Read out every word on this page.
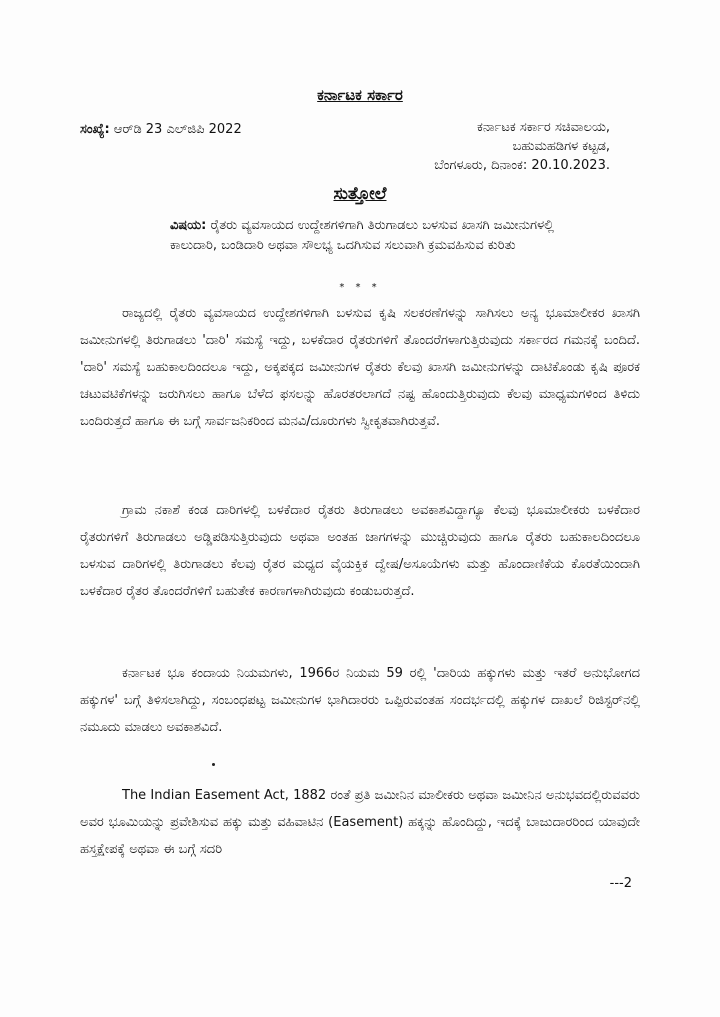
ಕರ್ನಾಟಕ ಸರ್ಕಾರ
ಸಂಖ್ಯೆ: ಆರ್‌ಡಿ 23 ಎಲ್‌ಜಿಪಿ 2022	ಕರ್ನಾಟಕ ಸರ್ಕಾರ ಸಚಿವಾಲಯ,
ಬಹುಮಹಡಿಗಳ ಕಟ್ಟಡ,
ಬೆಂಗಳೂರು, ದಿನಾಂಕ: 20.10.2023.
ಸುತ್ತೋಲೆ
ವಿಷಯ: ರೈತರು ವ್ಯವಸಾಯದ ಉದ್ದೇಶಗಳಿಗಾಗಿ ತಿರುಗಾಡಲು ಬಳಸುವ ಖಾಸಗಿ ಜಮೀನುಗಳಲ್ಲಿ ಕಾಲುದಾರಿ, ಬಂಡಿದಾರಿ ಅಥವಾ ಸೌಲಭ್ಯ ಒದಗಿಸುವ ಸಲುವಾಗಿ ಕ್ರಮವಹಿಸುವ ಕುರಿತು
* * *

ರಾಜ್ಯದಲ್ಲಿ ರೈತರು ವ್ಯವಸಾಯದ ಉದ್ದೇಶಗಳಿಗಾಗಿ ಬಳಸುವ ಕೃಷಿ ಸಲಕರಣೆಗಳನ್ನು ಸಾಗಿಸಲು ಅನ್ಯ ಭೂಮಾಲೀಕರ ಖಾಸಗಿ ಜಮೀನುಗಳಲ್ಲಿ ತಿರುಗಾಡಲು 'ದಾರಿ' ಸಮಸ್ಯೆ ಇದ್ದು, ಬಳಕೆದಾರ ರೈತರುಗಳಿಗೆ ತೊಂದರೆಗಳಾಗುತ್ತಿರುವುದು ಸರ್ಕಾರದ ಗಮನಕ್ಕೆ ಬಂದಿದೆ. 'ದಾರಿ' ಸಮಸ್ಯೆ ಬಹುಕಾಲದಿಂದಲೂ ಇದ್ದು, ಅಕ್ಕಪಕ್ಕದ ಜಮೀನುಗಳ ರೈತರು ಕೆಲವು ಖಾಸಗಿ ಜಮೀನುಗಳನ್ನು ದಾಟಿಕೊಂಡು ಕೃಷಿ ಪೂರಕ ಚಟುವಟಿಕೆಗಳನ್ನು ಜರುಗಿಸಲು ಹಾಗೂ ಬೆಳೆದ ಫಸಲನ್ನು ಹೊರತರಲಾಗದೆ ನಷ್ಟ ಹೊಂದುತ್ತಿರುವುದು ಕೆಲವು ಮಾಧ್ಯಮಗಳಿಂದ ತಿಳಿದು ಬಂದಿರುತ್ತದೆ ಹಾಗೂ ಈ ಬಗ್ಗೆ ಸಾರ್ವಜನಿಕರಿಂದ ಮನವಿ/ದೂರುಗಳು ಸ್ವೀಕೃತವಾಗಿರುತ್ತವೆ.

ಗ್ರಾಮ ನಕಾಶೆ ಕಂಡ ದಾರಿಗಳಲ್ಲಿ ಬಳಕೆದಾರ ರೈತರು ತಿರುಗಾಡಲು ಅವಕಾಶವಿದ್ದಾಗ್ಯೂ ಕೆಲವು ಭೂಮಾಲೀಕರು ಬಳಕೆದಾರ ರೈತರುಗಳಿಗೆ ತಿರುಗಾಡಲು ಅಡ್ಡಿಪಡಿಸುತ್ತಿರುವುದು ಅಥವಾ ಅಂತಹ ಜಾಗಗಳನ್ನು ಮುಚ್ಚಿರುವುದು ಹಾಗೂ ರೈತರು ಬಹುಕಾಲದಿಂದಲೂ ಬಳಸುವ ದಾರಿಗಳಲ್ಲಿ ತಿರುಗಾಡಲು ಕೆಲವು ರೈತರ ಮಧ್ಯದ ವೈಯಕ್ತಿಕ ದ್ವೇಷ/ಅಸೂಯೆಗಳು ಮತ್ತು ಹೊಂದಾಣಿಕೆಯ ಕೊರತೆಯಿಂದಾಗಿ ಬಳಕೆದಾರ ರೈತರ ತೊಂದರೆಗಳಿಗೆ ಬಹುತೇಕ ಕಾರಣಗಳಾಗಿರುವುದು ಕಂಡುಬರುತ್ತದೆ.

ಕರ್ನಾಟಕ ಭೂ ಕಂದಾಯ ನಿಯಮಗಳು, 1966ರ ನಿಯಮ 59 ರಲ್ಲಿ 'ದಾರಿಯ ಹಕ್ಕುಗಳು ಮತ್ತು ಇತರೆ ಅನುಭೋಗದ ಹಕ್ಕುಗಳ' ಬಗ್ಗೆ ತಿಳಿಸಲಾಗಿದ್ದು, ಸಂಬಂಧಪಟ್ಟ ಜಮೀನುಗಳ ಭಾಗಿದಾರರು ಒಪ್ಪಿರುವಂತಹ ಸಂದರ್ಭದಲ್ಲಿ ಹಕ್ಕುಗಳ ದಾಖಲೆ ರಿಜಿಸ್ಟರ್‌ನಲ್ಲಿ ನಮೂದು ಮಾಡಲು ಅವಕಾಶವಿದೆ.

The Indian Easement Act, 1882 ರಂತೆ ಪ್ರತಿ ಜಮೀನಿನ ಮಾಲೀಕರು ಅಥವಾ ಜಮೀನಿನ ಅನುಭವದಲ್ಲಿರುವವರು ಅವರ ಭೂಮಿಯನ್ನು ಪ್ರವೇಶಿಸುವ ಹಕ್ಕು ಮತ್ತು ವಹಿವಾಟಿನ (Easement) ಹಕ್ಕನ್ನು ಹೊಂದಿದ್ದು, ಇದಕ್ಕೆ ಬಾಜುದಾರರಿಂದ ಯಾವುದೇ ಹಸ್ತಕ್ಷೇಪಕ್ಕೆ ಅಥವಾ ಈ ಬಗ್ಗೆ ಸದರಿ

---2
